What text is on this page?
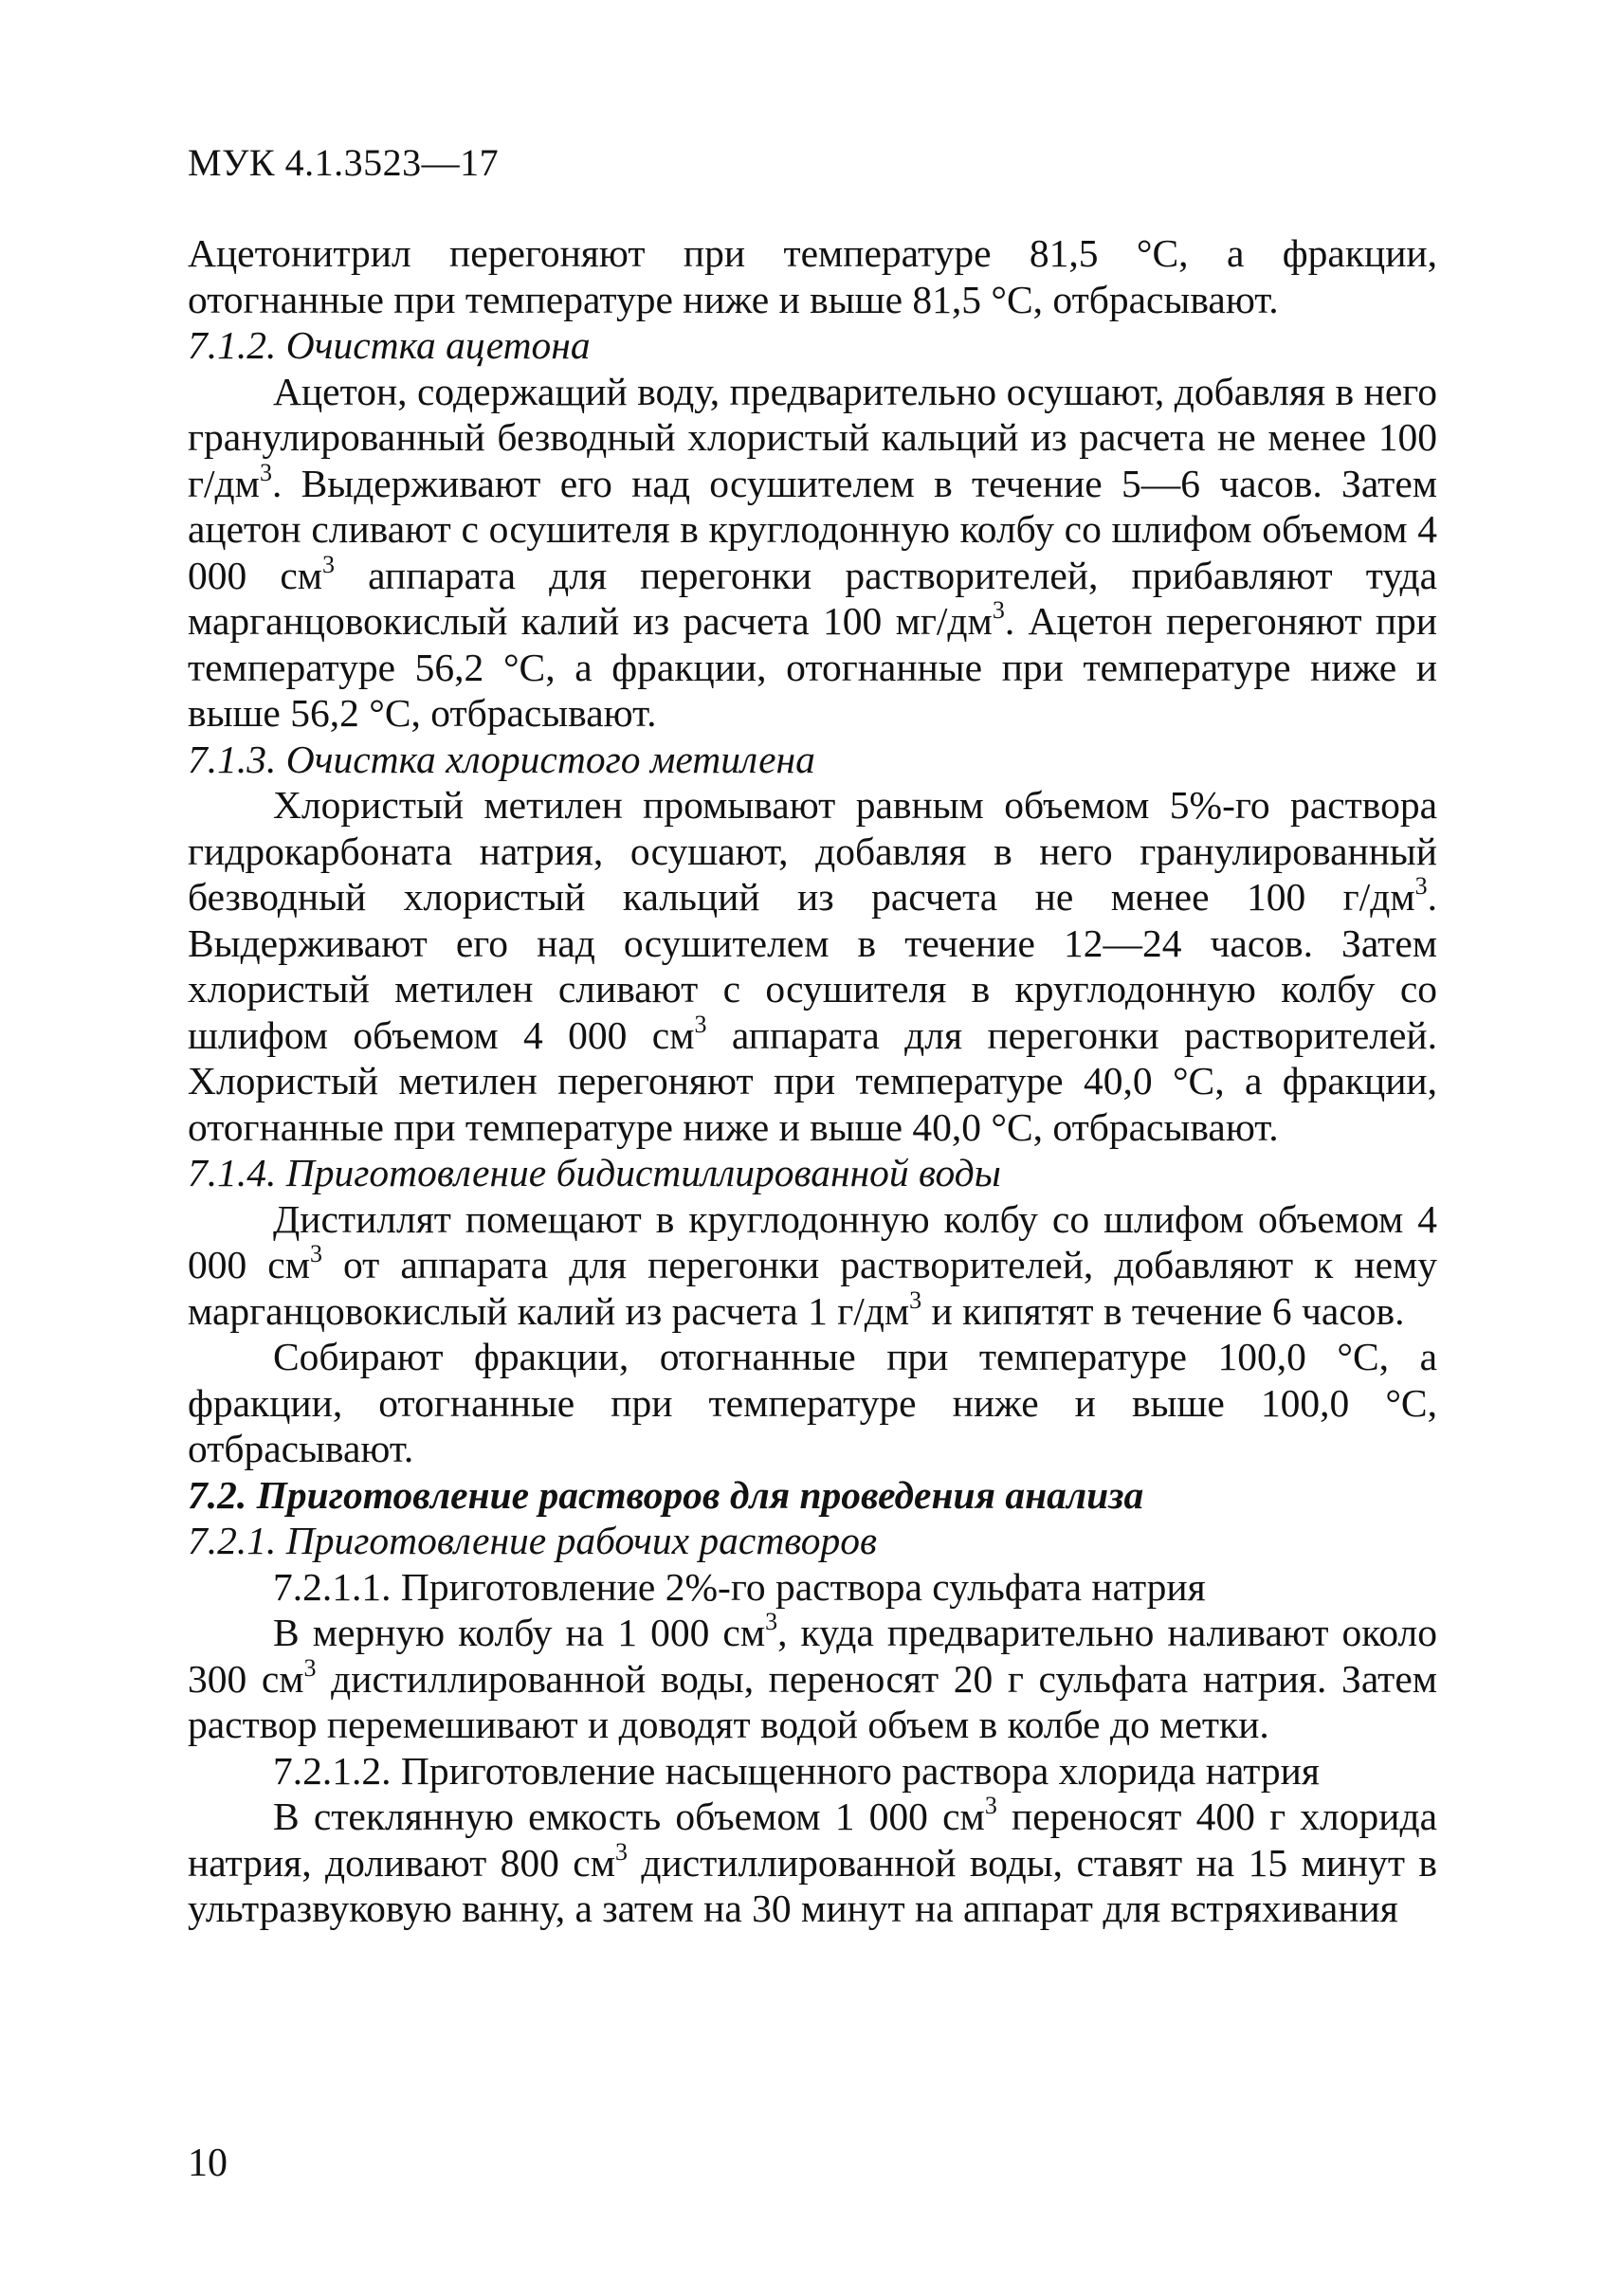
МУК 4.1.3523—17

Ацетонитрил перегоняют при температуре 81,5 °С, а фракции, отогнанные при температуре ниже и выше 81,5 °С, отбрасывают.

7.1.2. Очистка ацетона

Ацетон, содержащий воду, предварительно осушают, добавляя в него гранулированный безводный хлористый кальций из расчета не менее 100 $г/дм^3$. Выдерживают его над осушителем в течение 5—6 часов. Затем ацетон сливают с осушителя в круглодонную колбу со шлифом объемом 4 000 $см^3$ аппарата для перегонки растворителей, прибавляют туда марганцовокислый калий из расчета 100 $мг/дм^3$. Ацетон перегоняют при температуре 56,2 °С, а фракции, отогнанные при температуре ниже и выше 56,2 °С, отбрасывают.

7.1.3. Очистка хлористого метилена

Хлористый метилен промывают равным объемом 5%-го раствора гидрокарбоната натрия, осушают, добавляя в него гранулированный безводный хлористый кальций из расчета не менее 100 $г/дм^3$. Выдерживают его над осушителем в течение 12—24 часов. Затем хлористый метилен сливают с осушителя в круглодонную колбу со шлифом объемом 4 000 $см^3$ аппарата для перегонки растворителей. Хлористый метилен перегоняют при температуре 40,0 °С, а фракции, отогнанные при температуре ниже и выше 40,0 °С, отбрасывают.

7.1.4. Приготовление бидистиллированной воды

Дистиллят помещают в круглодонную колбу со шлифом объемом 4 000 $см^3$ от аппарата для перегонки растворителей, добавляют к нему марганцовокислый калий из расчета 1 $г/дм^3$ и кипятят в течение 6 часов.

Собирают фракции, отогнанные при температуре 100,0 °С, а фракции, отогнанные при температуре ниже и выше 100,0 °С, отбрасывают.

7.2. Приготовление растворов для проведения анализа

7.2.1. Приготовление рабочих растворов

7.2.1.1. Приготовление 2%-го раствора сульфата натрия

В мерную колбу на 1 000 $см^3$, куда предварительно наливают около 300 $см^3$ дистиллированной воды, переносят 20 г сульфата натрия. Затем раствор перемешивают и доводят водой объем в колбе до метки.

7.2.1.2. Приготовление насыщенного раствора хлорида натрия

В стеклянную емкость объемом 1 000 $см^3$ переносят 400 г хлорида натрия, доливают 800 $см^3$ дистиллированной воды, ставят на 15 минут в ультразвуковую ванну, а затем на 30 минут на аппарат для встряхивания

10
